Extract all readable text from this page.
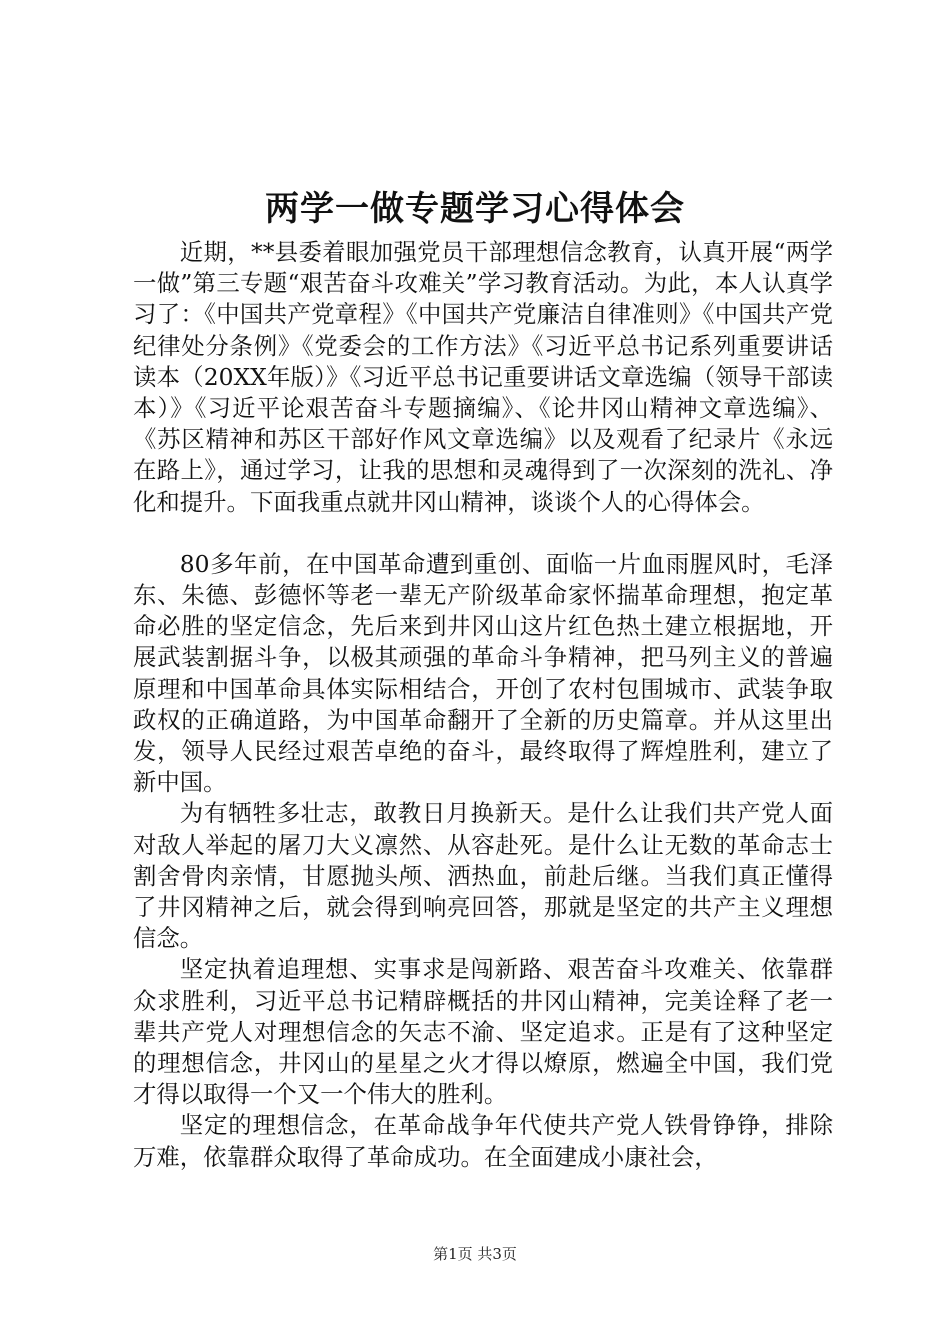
两学一做专题学习心得体会

近期，**县委着眼加强党员干部理想信念教育，认真开展“两学一做”第三专题“艰苦奋斗攻难关”学习教育活动。为此，本人认真学习了：《中国共产党章程》《中国共产党廉洁自律准则》《中国共产党纪律处分条例》《党委会的工作方法》《习近平总书记系列重要讲话读本（20XX年版）》《习近平总书记重要讲话文章选编（领导干部读本）》《习近平论艰苦奋斗专题摘编》、《论井冈山精神文章选编》、《苏区精神和苏区干部好作风文章选编》以及观看了纪录片《永远在路上》，通过学习，让我的思想和灵魂得到了一次深刻的洗礼、净化和提升。下面我重点就井冈山精神，谈谈个人的心得体会。

80多年前，在中国革命遭到重创、面临一片血雨腥风时，毛泽东、朱德、彭德怀等老一辈无产阶级革命家怀揣革命理想，抱定革命必胜的坚定信念，先后来到井冈山这片红色热土建立根据地，开展武装割据斗争，以极其顽强的革命斗争精神，把马列主义的普遍原理和中国革命具体实际相结合，开创了农村包围城市、武装争取政权的正确道路，为中国革命翻开了全新的历史篇章。并从这里出发，领导人民经过艰苦卓绝的奋斗，最终取得了辉煌胜利，建立了新中国。

为有牺牲多壮志，敢教日月换新天。是什么让我们共产党人面对敌人举起的屠刀大义凛然、从容赴死。是什么让无数的革命志士割舍骨肉亲情，甘愿抛头颅、洒热血，前赴后继。当我们真正懂得了井冈精神之后，就会得到响亮回答，那就是坚定的共产主义理想信念。

坚定执着追理想、实事求是闯新路、艰苦奋斗攻难关、依靠群众求胜利，习近平总书记精辟概括的井冈山精神，完美诠释了老一辈共产党人对理想信念的矢志不渝、坚定追求。正是有了这种坚定的理想信念，井冈山的星星之火才得以燎原，燃遍全中国，我们党才得以取得一个又一个伟大的胜利。

坚定的理想信念，在革命战争年代使共产党人铁骨铮铮，排除万难，依靠群众取得了革命成功。在全面建成小康社会，

第1页 共3页
